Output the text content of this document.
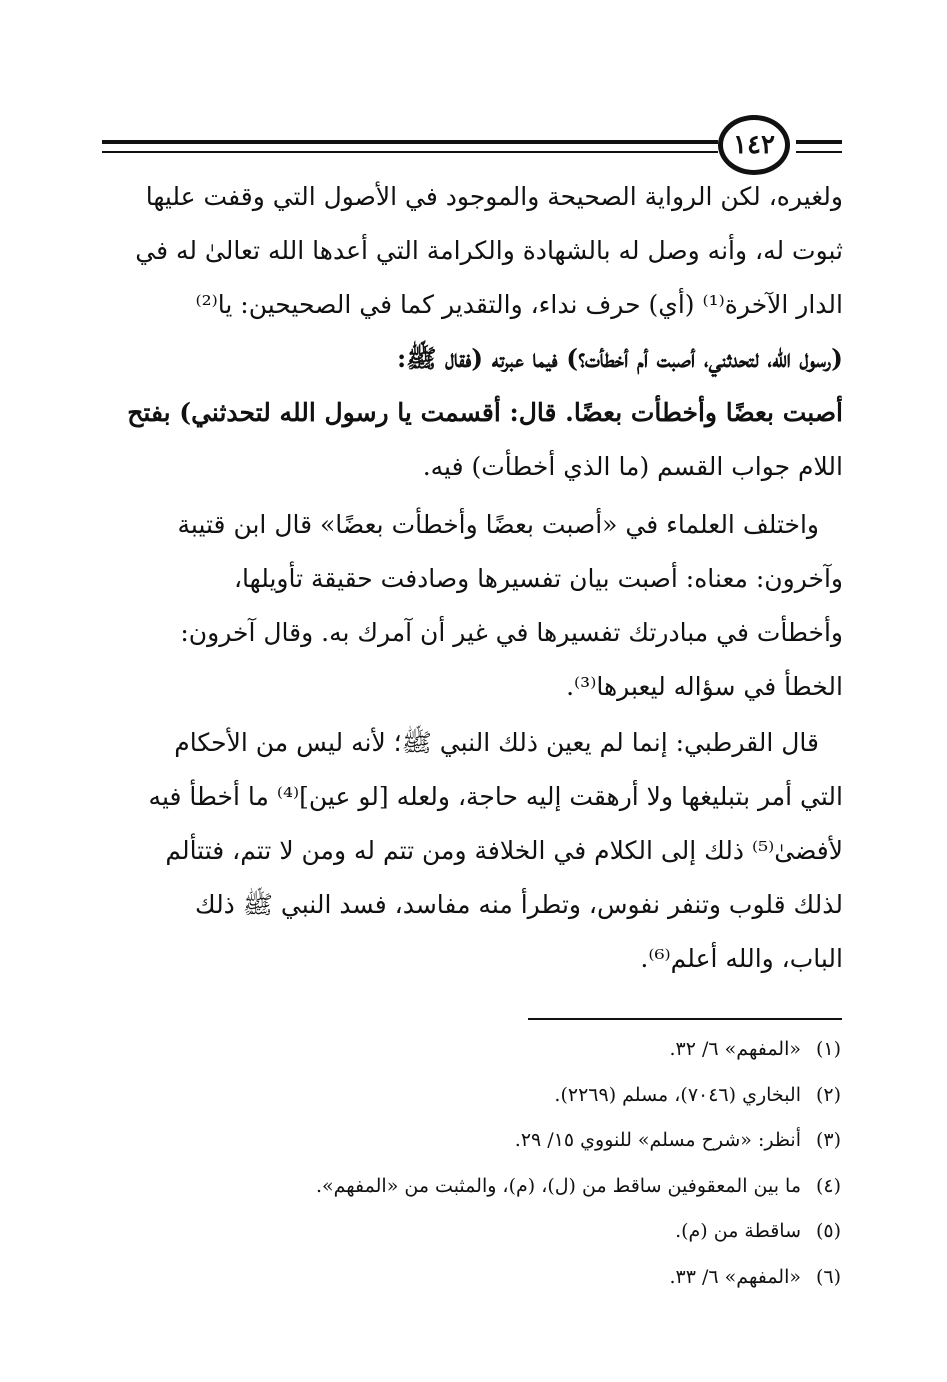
١٤٢
ولغيره، لكن الرواية الصحيحة والموجود في الأصول التي وقفت عليها
ثبوت له، وأنه وصل له بالشهادة والكرامة التي أعدها الله تعالىٰ له في
الدار الآخرة⁽¹⁾ (أي) حرف نداء، والتقدير كما في الصحيحين: يا⁽²⁾
(رسول الله، لتحدثني، أصبت أم أخطأت؟) فيما عبرته (فقال ﷺ:
أصبت بعضًا وأخطأت بعضًا. قال: أقسمت يا رسول الله لتحدثني) بفتح
اللام جواب القسم (ما الذي أخطأت) فيه.
واختلف العلماء في «أصبت بعضًا وأخطأت بعضًا» قال ابن قتيبة
وآخرون: معناه: أصبت بيان تفسيرها وصادفت حقيقة تأويلها،
وأخطأت في مبادرتك تفسيرها في غير أن آمرك به. وقال آخرون:
الخطأ في سؤاله ليعبرها⁽³⁾.
قال القرطبي: إنما لم يعين ذلك النبي ﷺ؛ لأنه ليس من الأحكام
التي أمر بتبليغها ولا أرهقت إليه حاجة، ولعله [لو عين]⁽⁴⁾ ما أخطأ فيه
لأفضىٰ⁽⁵⁾ ذلك إلى الكلام في الخلافة ومن تتم له ومن لا تتم، فتتألم
لذلك قلوب وتنفر نفوس، وتطرأ منه مفاسد، فسد النبي ﷺ ذلك
الباب، والله أعلم⁽⁶⁾.
(١)«المفهم» ٦/ ٣٢.
(٢)البخاري (٧٠٤٦)، مسلم (٢٢٦٩).
(٣)أنظر: «شرح مسلم» للنووي ١٥/ ٢٩.
(٤)ما بين المعقوفين ساقط من (ل)، (م)، والمثبت من «المفهم».
(٥)ساقطة من (م).
(٦)«المفهم» ٦/ ٣٣.
